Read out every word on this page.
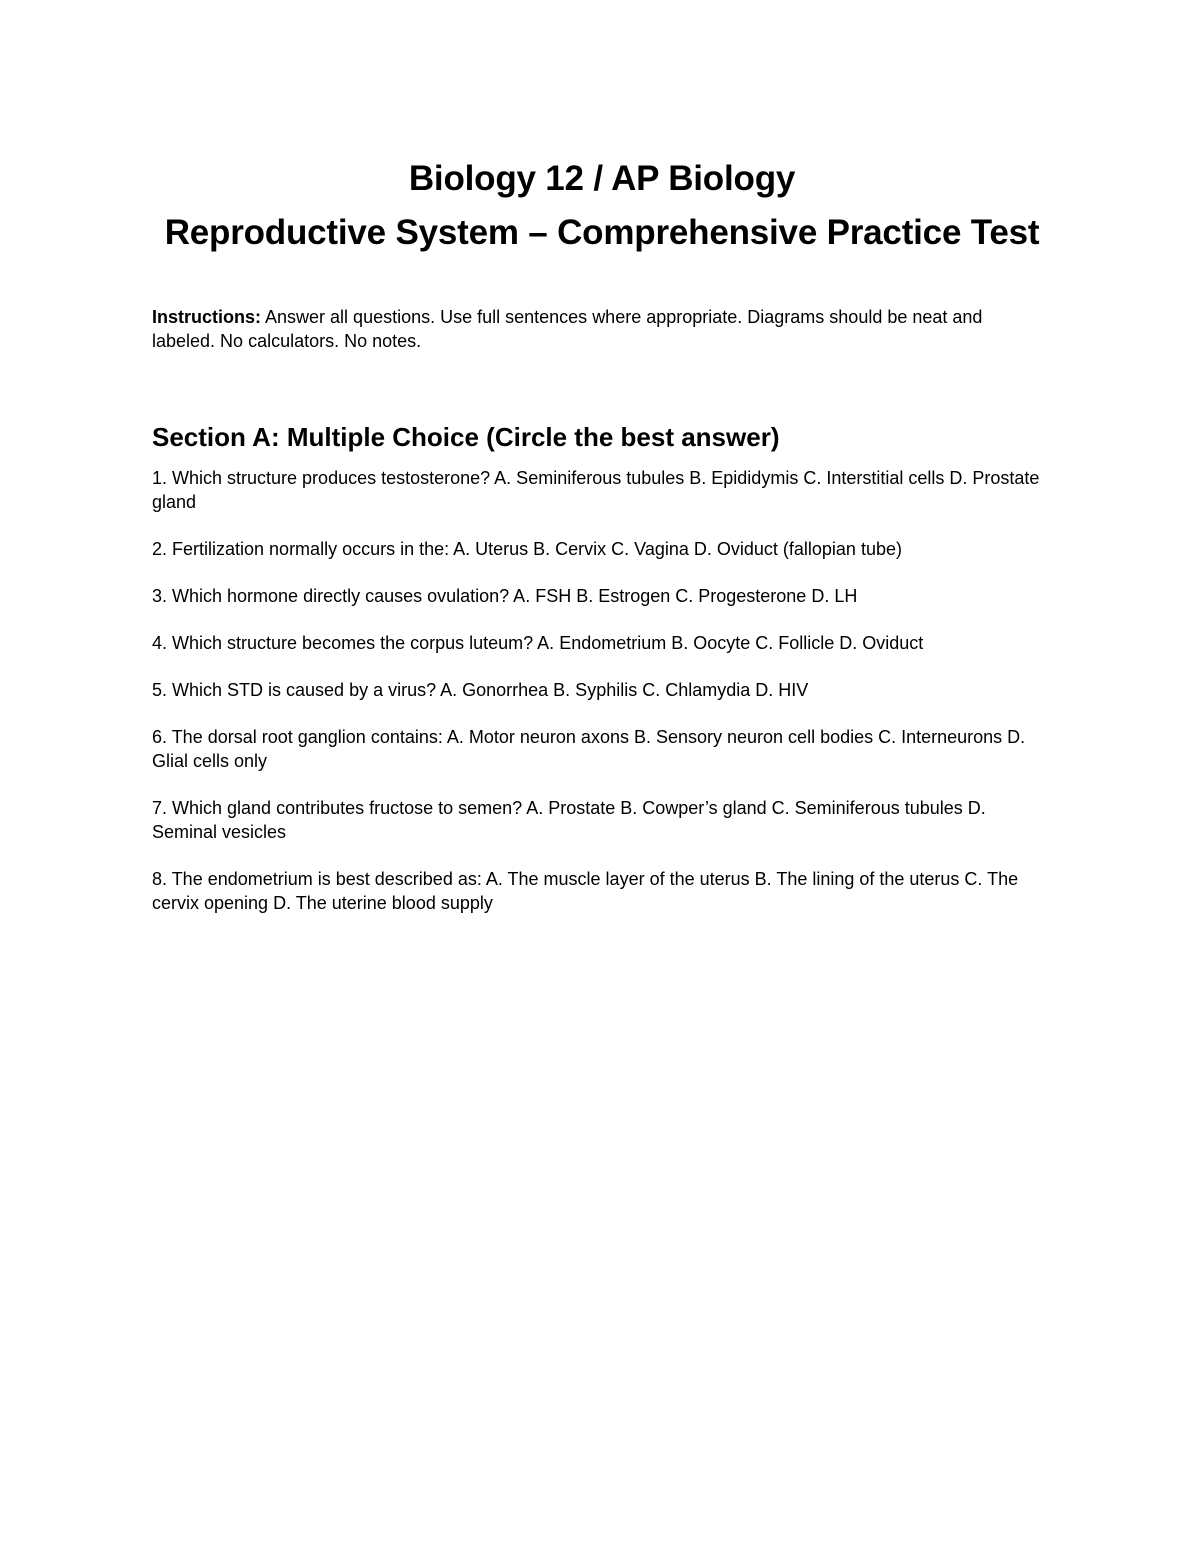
Biology 12 / AP Biology
Reproductive System – Comprehensive Practice Test

Instructions: Answer all questions. Use full sentences where appropriate. Diagrams should be neat and labeled. No calculators. No notes.

Section A: Multiple Choice (Circle the best answer)
1. Which structure produces testosterone? A. Seminiferous tubules B. Epididymis C. Interstitial cells D. Prostate gland
2. Fertilization normally occurs in the: A. Uterus B. Cervix C. Vagina D. Oviduct (fallopian tube)
3. Which hormone directly causes ovulation? A. FSH B. Estrogen C. Progesterone D. LH
4. Which structure becomes the corpus luteum? A. Endometrium B. Oocyte C. Follicle D. Oviduct
5. Which STD is caused by a virus? A. Gonorrhea B. Syphilis C. Chlamydia D. HIV
6. The dorsal root ganglion contains: A. Motor neuron axons B. Sensory neuron cell bodies C. Interneurons D. Glial cells only
7. Which gland contributes fructose to semen? A. Prostate B. Cowper’s gland C. Seminiferous tubules D. Seminal vesicles
8. The endometrium is best described as: A. The muscle layer of the uterus B. The lining of the uterus C. The cervix opening D. The uterine blood supply
